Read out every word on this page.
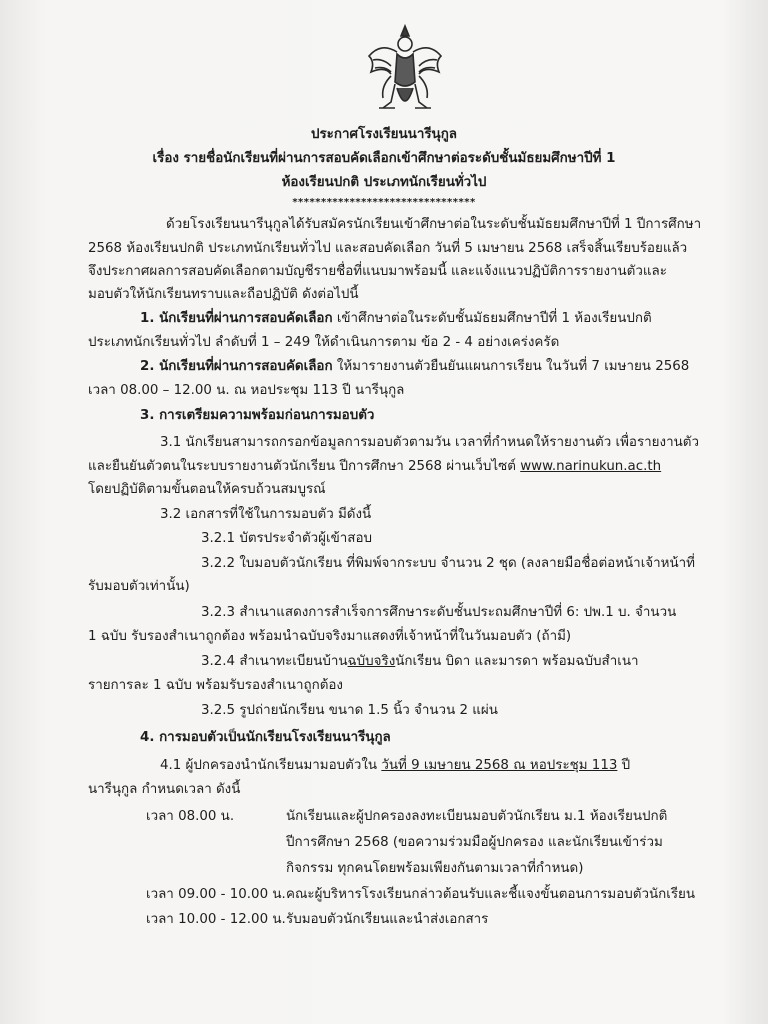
ประกาศโรงเรียนนารีนุกูล
เรื่อง รายชื่อนักเรียนที่ผ่านการสอบคัดเลือกเข้าศึกษาต่อระดับชั้นมัธยมศึกษาปีที่ 1
ห้องเรียนปกติ ประเภทนักเรียนทั่วไป
********************************
ด้วยโรงเรียนนารีนุกูลได้รับสมัครนักเรียนเข้าศึกษาต่อในระดับชั้นมัธยมศึกษาปีที่ 1 ปีการศึกษา
2568 ห้องเรียนปกติ ประเภทนักเรียนทั่วไป และสอบคัดเลือก วันที่ 5 เมษายน 2568 เสร็จสิ้นเรียบร้อยแล้ว
จึงประกาศผลการสอบคัดเลือกตามบัญชีรายชื่อที่แนบมาพร้อมนี้ และแจ้งแนวปฏิบัติการรายงานตัวและ
มอบตัวให้นักเรียนทราบและถือปฏิบัติ ดังต่อไปนี้
1. นักเรียนที่ผ่านการสอบคัดเลือก เข้าศึกษาต่อในระดับชั้นมัธยมศึกษาปีที่ 1 ห้องเรียนปกติ
ประเภทนักเรียนทั่วไป ลำดับที่ 1 – 249 ให้ดำเนินการตาม ข้อ 2 - 4 อย่างเคร่งครัด
2. นักเรียนที่ผ่านการสอบคัดเลือก ให้มารายงานตัวยืนยันแผนการเรียน ในวันที่ 7 เมษายน 2568
เวลา 08.00 – 12.00 น. ณ หอประชุม 113 ปี นารีนุกูล
3. การเตรียมความพร้อมก่อนการมอบตัว
3.1 นักเรียนสามารถกรอกข้อมูลการมอบตัวตามวัน เวลาที่กำหนดให้รายงานตัว เพื่อรายงานตัว
และยืนยันตัวตนในระบบรายงานตัวนักเรียน ปีการศึกษา 2568 ผ่านเว็บไซต์ www.narinukun.ac.th
โดยปฏิบัติตามขั้นตอนให้ครบถ้วนสมบูรณ์
3.2 เอกสารที่ใช้ในการมอบตัว มีดังนี้
3.2.1 บัตรประจำตัวผู้เข้าสอบ
3.2.2 ใบมอบตัวนักเรียน ที่พิมพ์จากระบบ จำนวน 2 ชุด (ลงลายมือชื่อต่อหน้าเจ้าหน้าที่
รับมอบตัวเท่านั้น)
3.2.3 สำเนาแสดงการสำเร็จการศึกษาระดับชั้นประถมศึกษาปีที่ 6: ปพ.1 บ. จำนวน
1 ฉบับ รับรองสำเนาถูกต้อง พร้อมนำฉบับจริงมาแสดงที่เจ้าหน้าที่ในวันมอบตัว (ถ้ามี)
3.2.4 สำเนาทะเบียนบ้านฉบับจริงนักเรียน บิดา และมารดา พร้อมฉบับสำเนา
รายการละ 1 ฉบับ พร้อมรับรองสำเนาถูกต้อง
3.2.5 รูปถ่ายนักเรียน ขนาด 1.5 นิ้ว จำนวน 2 แผ่น
4. การมอบตัวเป็นนักเรียนโรงเรียนนารีนุกูล
4.1 ผู้ปกครองนำนักเรียนมามอบตัวใน วันที่ 9 เมษายน 2568 ณ หอประชุม 113 ปี
นารีนุกูล กำหนดเวลา ดังนี้
เวลา 08.00 น.	นักเรียนและผู้ปกครองลงทะเบียนมอบตัวนักเรียน ม.1 ห้องเรียนปกติ
ปีการศึกษา 2568 (ขอความร่วมมือผู้ปกครอง และนักเรียนเข้าร่วม
กิจกรรม ทุกคนโดยพร้อมเพียงกันตามเวลาที่กำหนด)
เวลา 09.00 - 10.00 น. คณะผู้บริหารโรงเรียนกล่าวต้อนรับและชี้แจงขั้นตอนการมอบตัวนักเรียน
เวลา 10.00 - 12.00 น. รับมอบตัวนักเรียนและนำส่งเอกสาร
